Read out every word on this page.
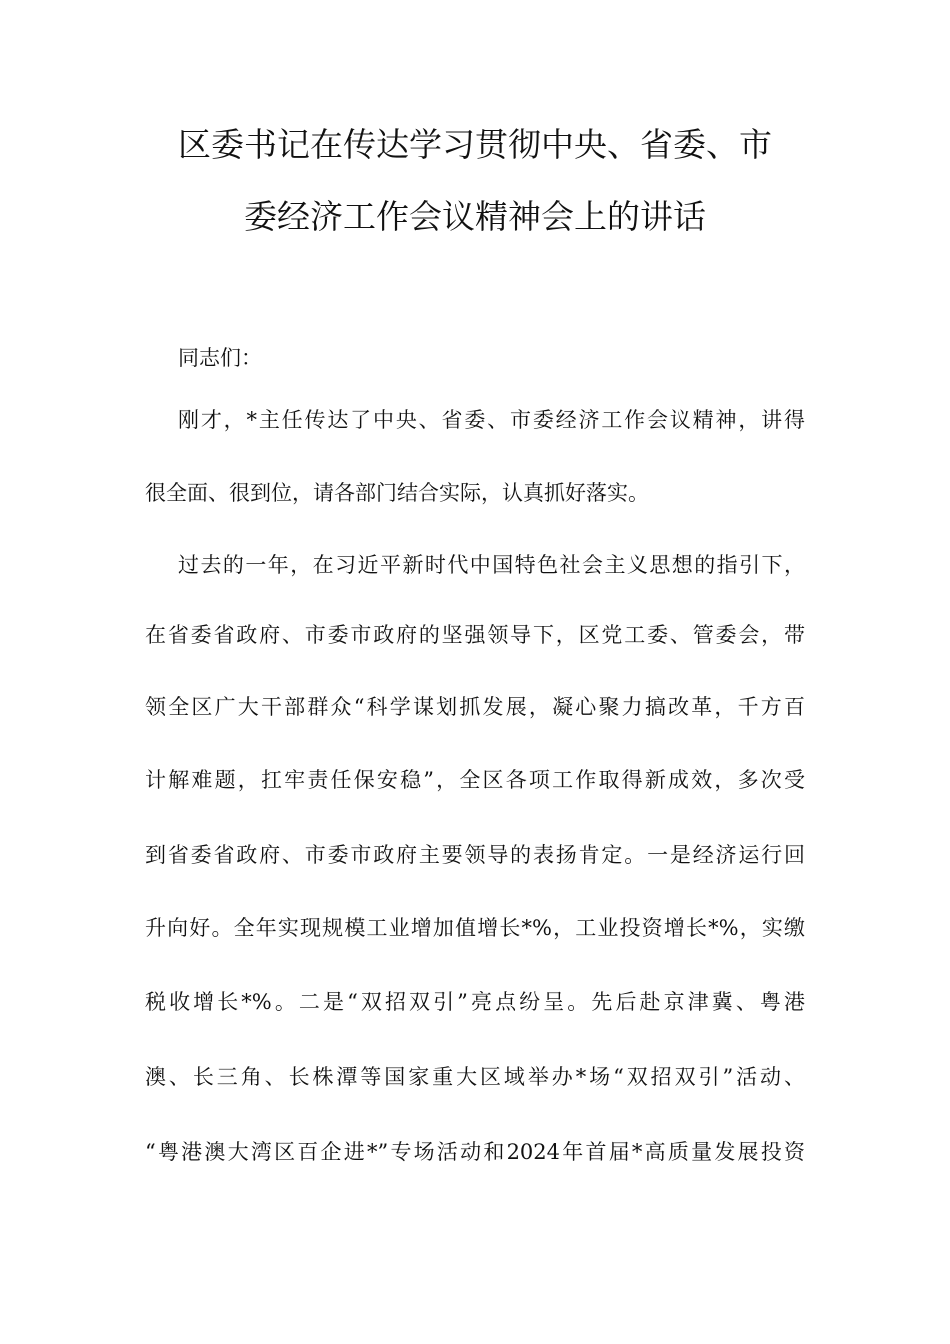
区委书记在传达学习贯彻中央、省委、市
委经济工作会议精神会上的讲话
同志们：
刚才，*主任传达了中央、省委、市委经济工作会议精神，讲得
很全面、很到位，请各部门结合实际，认真抓好落实。
过去的一年，在习近平新时代中国特色社会主义思想的指引下，
在省委省政府、市委市政府的坚强领导下，区党工委、管委会，带
领全区广大干部群众“科学谋划抓发展，凝心聚力搞改革，千方百
计解难题，扛牢责任保安稳”，全区各项工作取得新成效，多次受
到省委省政府、市委市政府主要领导的表扬肯定。一是经济运行回
升向好。全年实现规模工业增加值增长*%，工业投资增长*%，实缴
税收增长*%。二是“双招双引”亮点纷呈。先后赴京津冀、粤港
澳、长三角、长株潭等国家重大区域举办*场“双招双引”活动、
“粤港澳大湾区百企进*”专场活动和2024年首届*高质量发展投资
